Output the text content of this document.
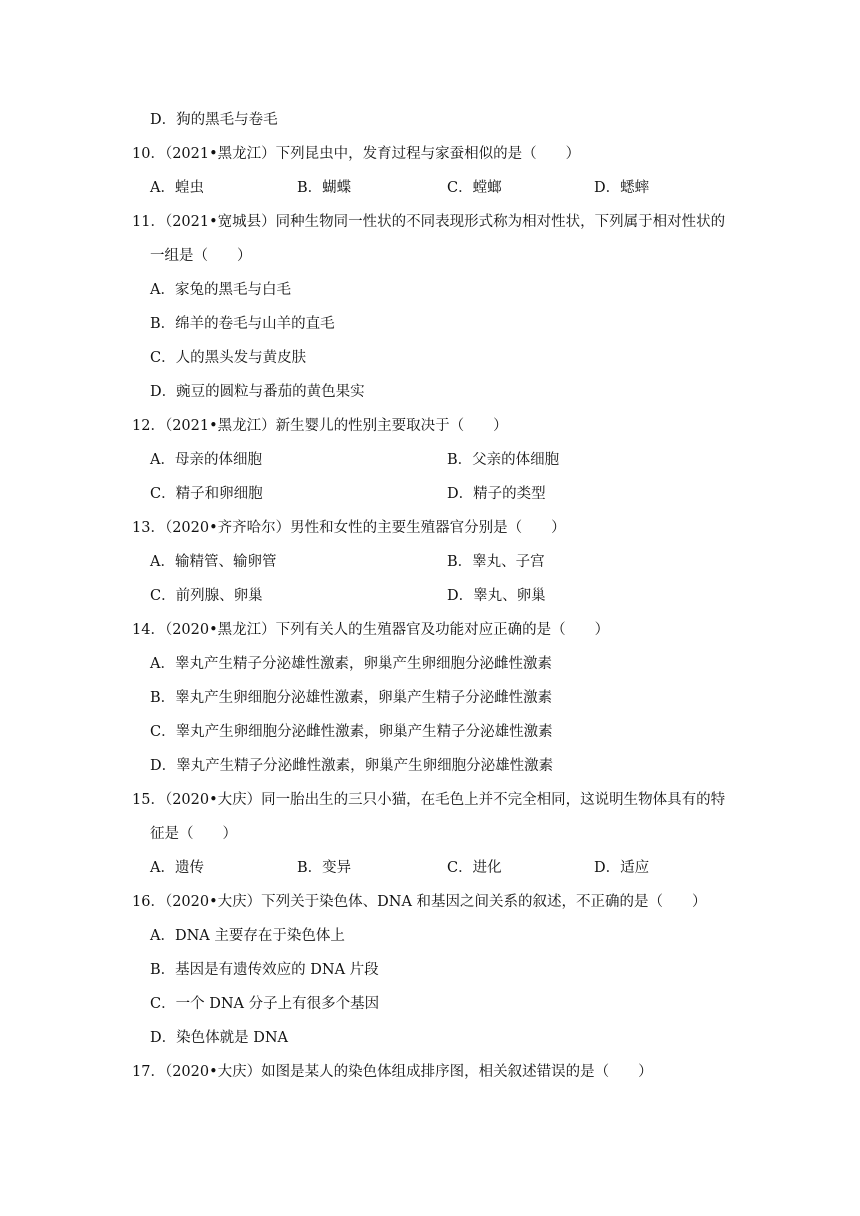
D．狗的黑毛与卷毛
10．（2021•黑龙江）下列昆虫中，发育过程与家蚕相似的是（　　）
A．蝗虫	B．蝴蝶	C．螳螂	D．蟋蟀
11．（2021•宽城县）同种生物同一性状的不同表现形式称为相对性状，下列属于相对性状的
一组是（　　）
A．家兔的黑毛与白毛
B．绵羊的卷毛与山羊的直毛
C．人的黑头发与黄皮肤
D．豌豆的圆粒与番茄的黄色果实
12．（2021•黑龙江）新生婴儿的性别主要取决于（　　）
A．母亲的体细胞	B．父亲的体细胞
C．精子和卵细胞	D．精子的类型
13．（2020•齐齐哈尔）男性和女性的主要生殖器官分别是（　　）
A．输精管、输卵管	B．睾丸、子宫
C．前列腺、卵巢	D．睾丸、卵巢
14．（2020•黑龙江）下列有关人的生殖器官及功能对应正确的是（　　）
A．睾丸产生精子分泌雄性激素，卵巢产生卵细胞分泌雌性激素
B．睾丸产生卵细胞分泌雄性激素，卵巢产生精子分泌雌性激素
C．睾丸产生卵细胞分泌雌性激素，卵巢产生精子分泌雄性激素
D．睾丸产生精子分泌雌性激素，卵巢产生卵细胞分泌雄性激素
15．（2020•大庆）同一胎出生的三只小猫，在毛色上并不完全相同，这说明生物体具有的特
征是（　　）
A．遗传	B．变异	C．进化	D．适应
16．（2020•大庆）下列关于染色体、DNA 和基因之间关系的叙述，不正确的是（　　）
A．DNA 主要存在于染色体上
B．基因是有遗传效应的 DNA 片段
C．一个 DNA 分子上有很多个基因
D．染色体就是 DNA
17．（2020•大庆）如图是某人的染色体组成排序图，相关叙述错误的是（　　）
